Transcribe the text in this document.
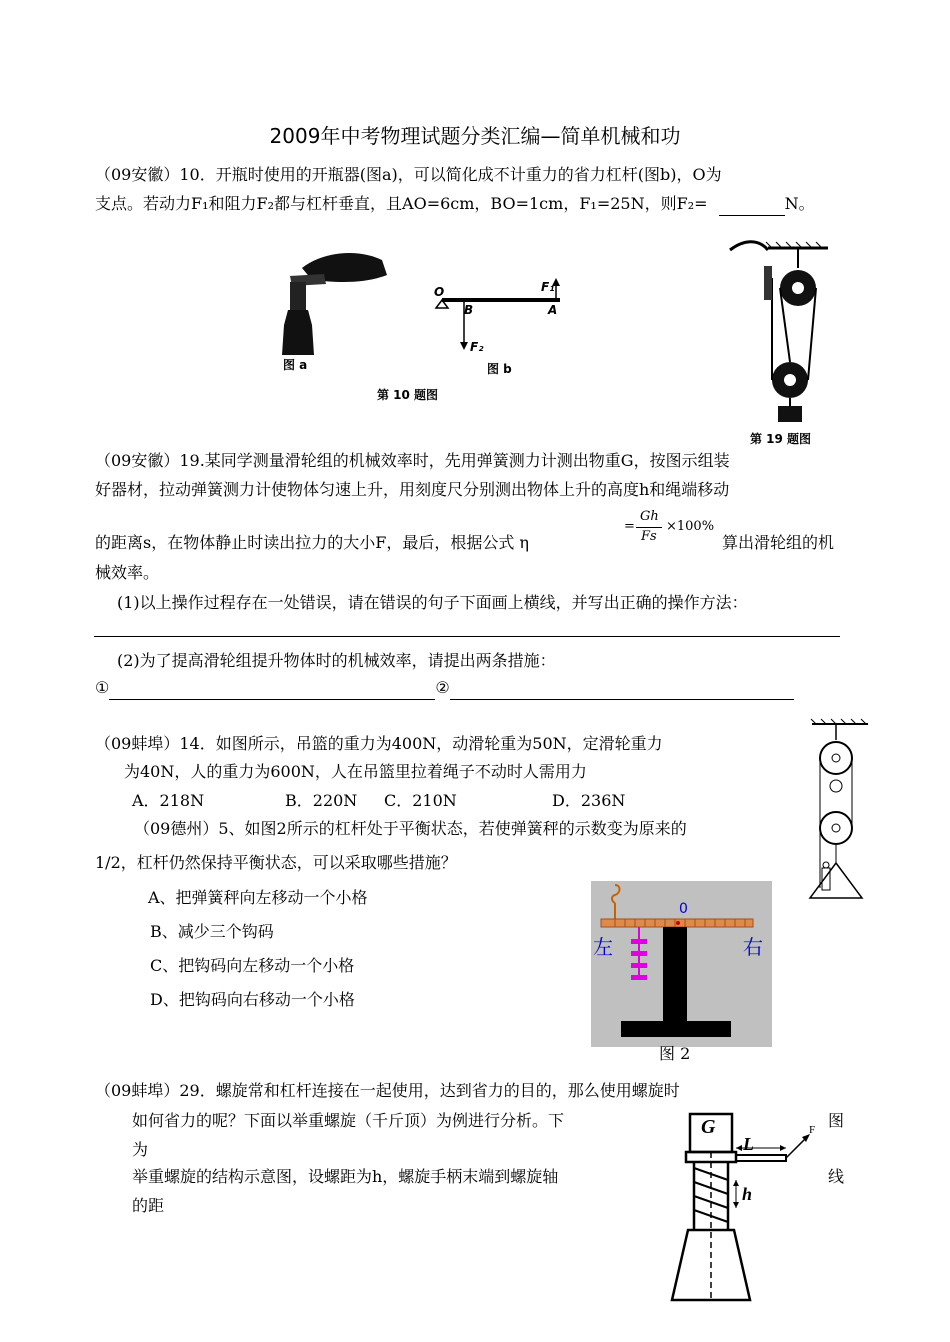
2009年中考物理试题分类汇编—简单机械和功
（09安徽）10．开瓶时使用的开瓶器(图a)，可以简化成不计重力的省力杠杆(图b)，O为
支点。若动力F₁和阻力F₂都与杠杆垂直，且AO=6cm，BO=1cm，F₁=25N，则F₂=	N。
图 a
O
B	A
F₁
F₂
图 b
第 10 题图
第 19 题图
（09安徽）19.某同学测量滑轮组的机械效率时，先用弹簧测力计测出物重G，按图示组装
好器材，拉动弹簧测力计使物体匀速上升，用刻度尺分别测出物体上升的高度h和绳端移动
的距离s，在物体静止时读出拉力的大小F，最后，根据公式 η
=
Gh
Fs
×100%
算出滑轮组的机
械效率。
(1)以上操作过程存在一处错误，请在错误的句子下面画上横线，并写出正确的操作方法：
(2)为了提高滑轮组提升物体时的机械效率，请提出两条措施：
①	②
（09蚌埠）14．如图所示，吊篮的重力为400N，动滑轮重为50N，定滑轮重力
为40N，人的重力为600N，人在吊篮里拉着绳子不动时人需用力
A．218N	B．220N C．210N	D．236N
（09德州）5、如图2所示的杠杆处于平衡状态，若使弹簧秤的示数变为原来的
1/2，杠杆仍然保持平衡状态，可以采取哪些措施？
A、把弹簧秤向左移动一个小格
B、减少三个钩码
C、把钩码向左移动一个小格
D、把钩码向右移动一个小格
0
左	右
图 2
（09蚌埠）29．螺旋常和杠杆连接在一起使用，达到省力的目的，那么使用螺旋时
如何省力的呢？下面以举重螺旋（千斤顶）为例进行分析。下	图
为
举重螺旋的结构示意图，设螺距为h，螺旋手柄末端到螺旋轴	线
的距
G
L
F
h
